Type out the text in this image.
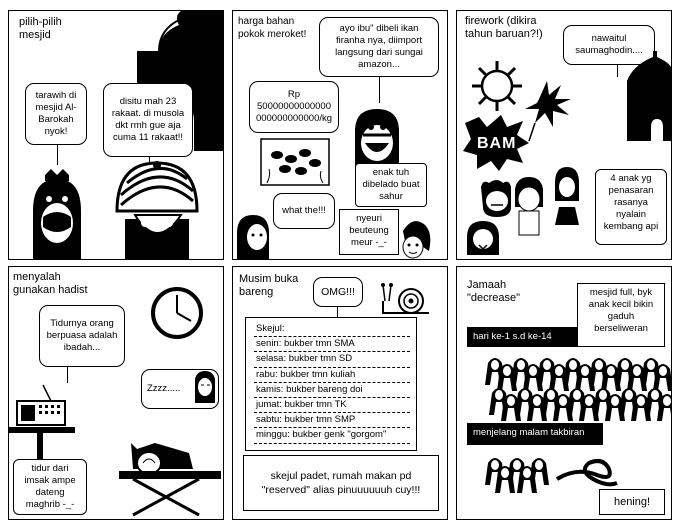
pilih-pilih
mesjid
tarawih di mesjid Al-Barokah nyok!
disitu mah 23 rakaat. di musola dkt rmh gue aja cuma 11 rakaat!!
harga bahan
pokok meroket!
ayo ibu" dibeli ikan firanha nya, diimport langsung dari sungai amazon...
Rp 50000000000000 000000000000/kg
enak tuh dibelado buat sahur
what the!!!
nyeuri beuteung meur -_-
firework (dikira
tahun baruan?!)	nawaitul saumaghodin....
BAM
4 anak yg penasaran rasanya nyalain kembang api
menyalah
gunakan hadist
Tidurnya orang berpuasa adalah ibadah...
Zzzz.....
tidur dari imsak ampe dateng maghrib -_-
Musim buka
bareng	OMG!!!
Skejul:
senin: bukber tmn SMA
selasa: bukber tmn SD
rabu: bukber tmn kuliah
kamis: bukber bareng doi
jumat: bukber tmn TK
sabtu: bukber tmn SMP
minggu: bukber genk "gorgom"
skejul padet, rumah makan pd "reserved" alias pinuuuuuuh cuy!!!
Jamaah
"decrease"	mesjid full, byk anak kecil bikin gaduh berseliweran
hari ke-1 s.d ke-14
menjelang malam takbiran
hening!
